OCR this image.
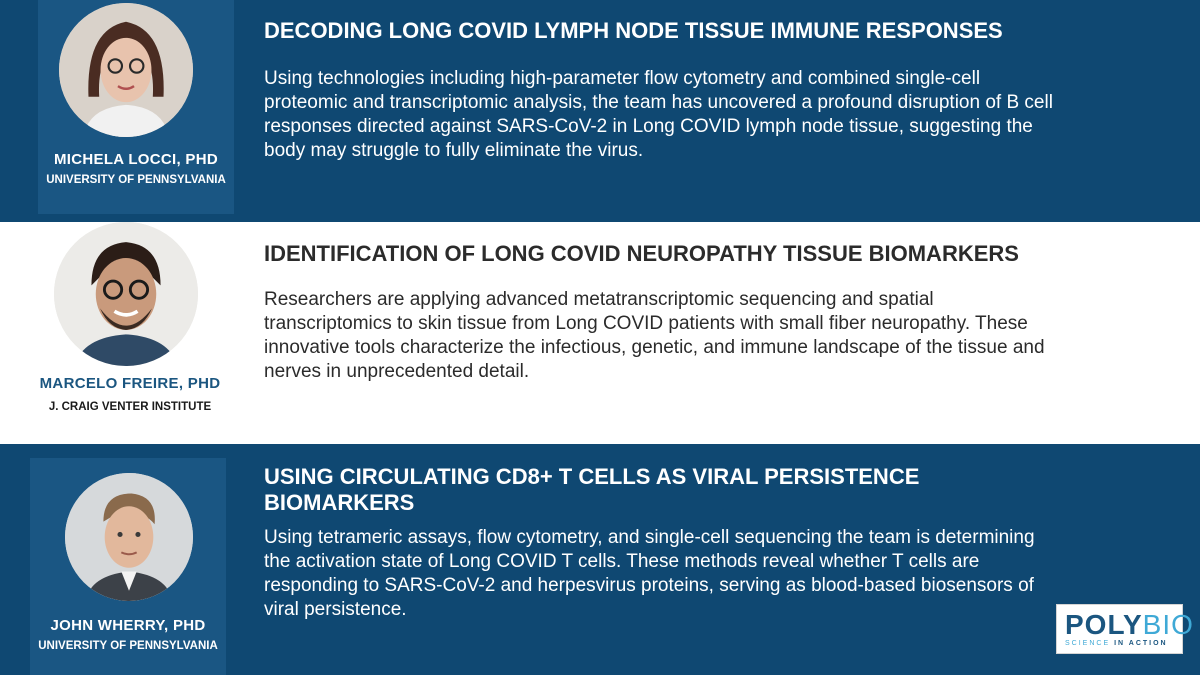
MICHELA LOCCI, PHD
UNIVERSITY OF PENNSYLVANIA
DECODING LONG COVID LYMPH NODE TISSUE IMMUNE RESPONSES
Using technologies including high-parameter flow cytometry and combined single-cell proteomic and transcriptomic analysis, the team has uncovered a profound disruption of B cell responses directed against SARS-CoV-2 in Long COVID lymph node tissue, suggesting the body may struggle to fully eliminate the virus.
MARCELO FREIRE, PHD
J. CRAIG VENTER INSTITUTE
IDENTIFICATION OF LONG COVID NEUROPATHY TISSUE BIOMARKERS
Researchers are applying advanced metatranscriptomic sequencing and spatial transcriptomics to skin tissue from Long COVID patients with small fiber neuropathy. These innovative tools characterize the infectious, genetic, and immune landscape of the tissue and nerves in unprecedented detail.
JOHN WHERRY, PHD
UNIVERSITY OF PENNSYLVANIA
USING CIRCULATING CD8+ T CELLS AS VIRAL PERSISTENCE BIOMARKERS
Using tetrameric assays, flow cytometry, and single-cell sequencing the team is determining the activation state of Long COVID T cells. These methods reveal whether T cells are responding to SARS-CoV-2 and herpesvirus proteins, serving as blood-based biosensors of viral persistence.	POLYBIO
SCIENCE IN ACTION
